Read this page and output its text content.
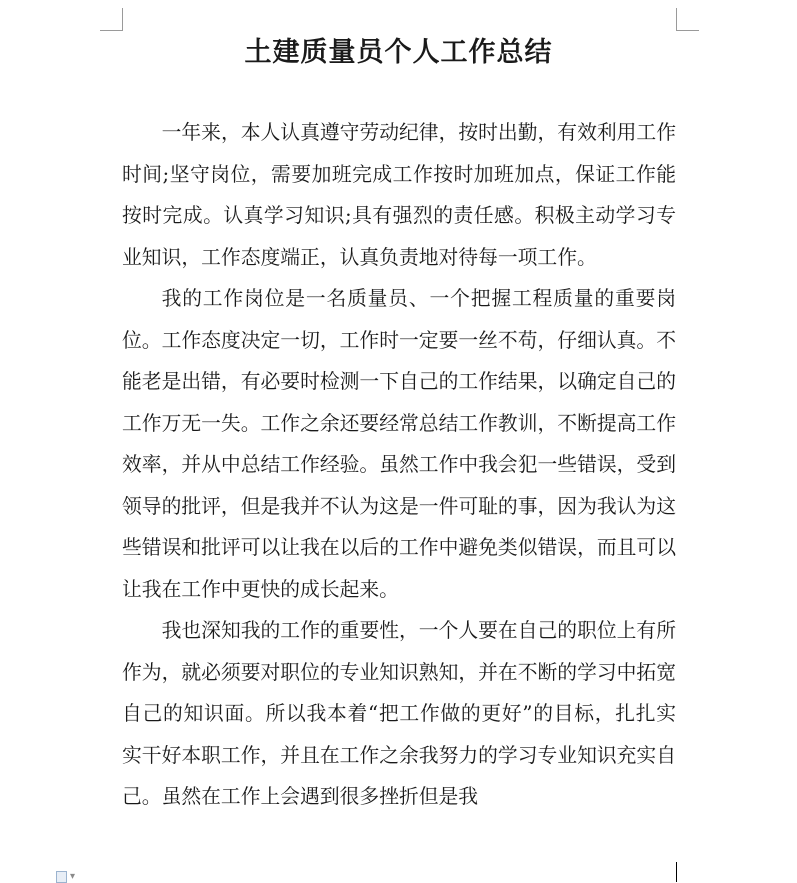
土建质量员个人工作总结

一年来，本人认真遵守劳动纪律，按时出勤，有效利用工作时间;坚守岗位，需要加班完成工作按时加班加点，保证工作能按时完成。认真学习知识;具有强烈的责任感。积极主动学习专业知识，工作态度端正，认真负责地对待每一项工作。

我的工作岗位是一名质量员、一个把握工程质量的重要岗位。工作态度决定一切，工作时一定要一丝不苟，仔细认真。不能老是出错，有必要时检测一下自己的工作结果，以确定自己的工作万无一失。工作之余还要经常总结工作教训，不断提高工作效率，并从中总结工作经验。虽然工作中我会犯一些错误，受到领导的批评，但是我并不认为这是一件可耻的事，因为我认为这些错误和批评可以让我在以后的工作中避免类似错误，而且可以让我在工作中更快的成长起来。

我也深知我的工作的重要性，一个人要在自己的职位上有所作为，就必须要对职位的专业知识熟知，并在不断的学习中拓宽自己的知识面。所以我本着“把工作做的更好”的目标，扎扎实实干好本职工作，并且在工作之余我努力的学习专业知识充实自己。虽然在工作上会遇到很多挫折但是我

▾
